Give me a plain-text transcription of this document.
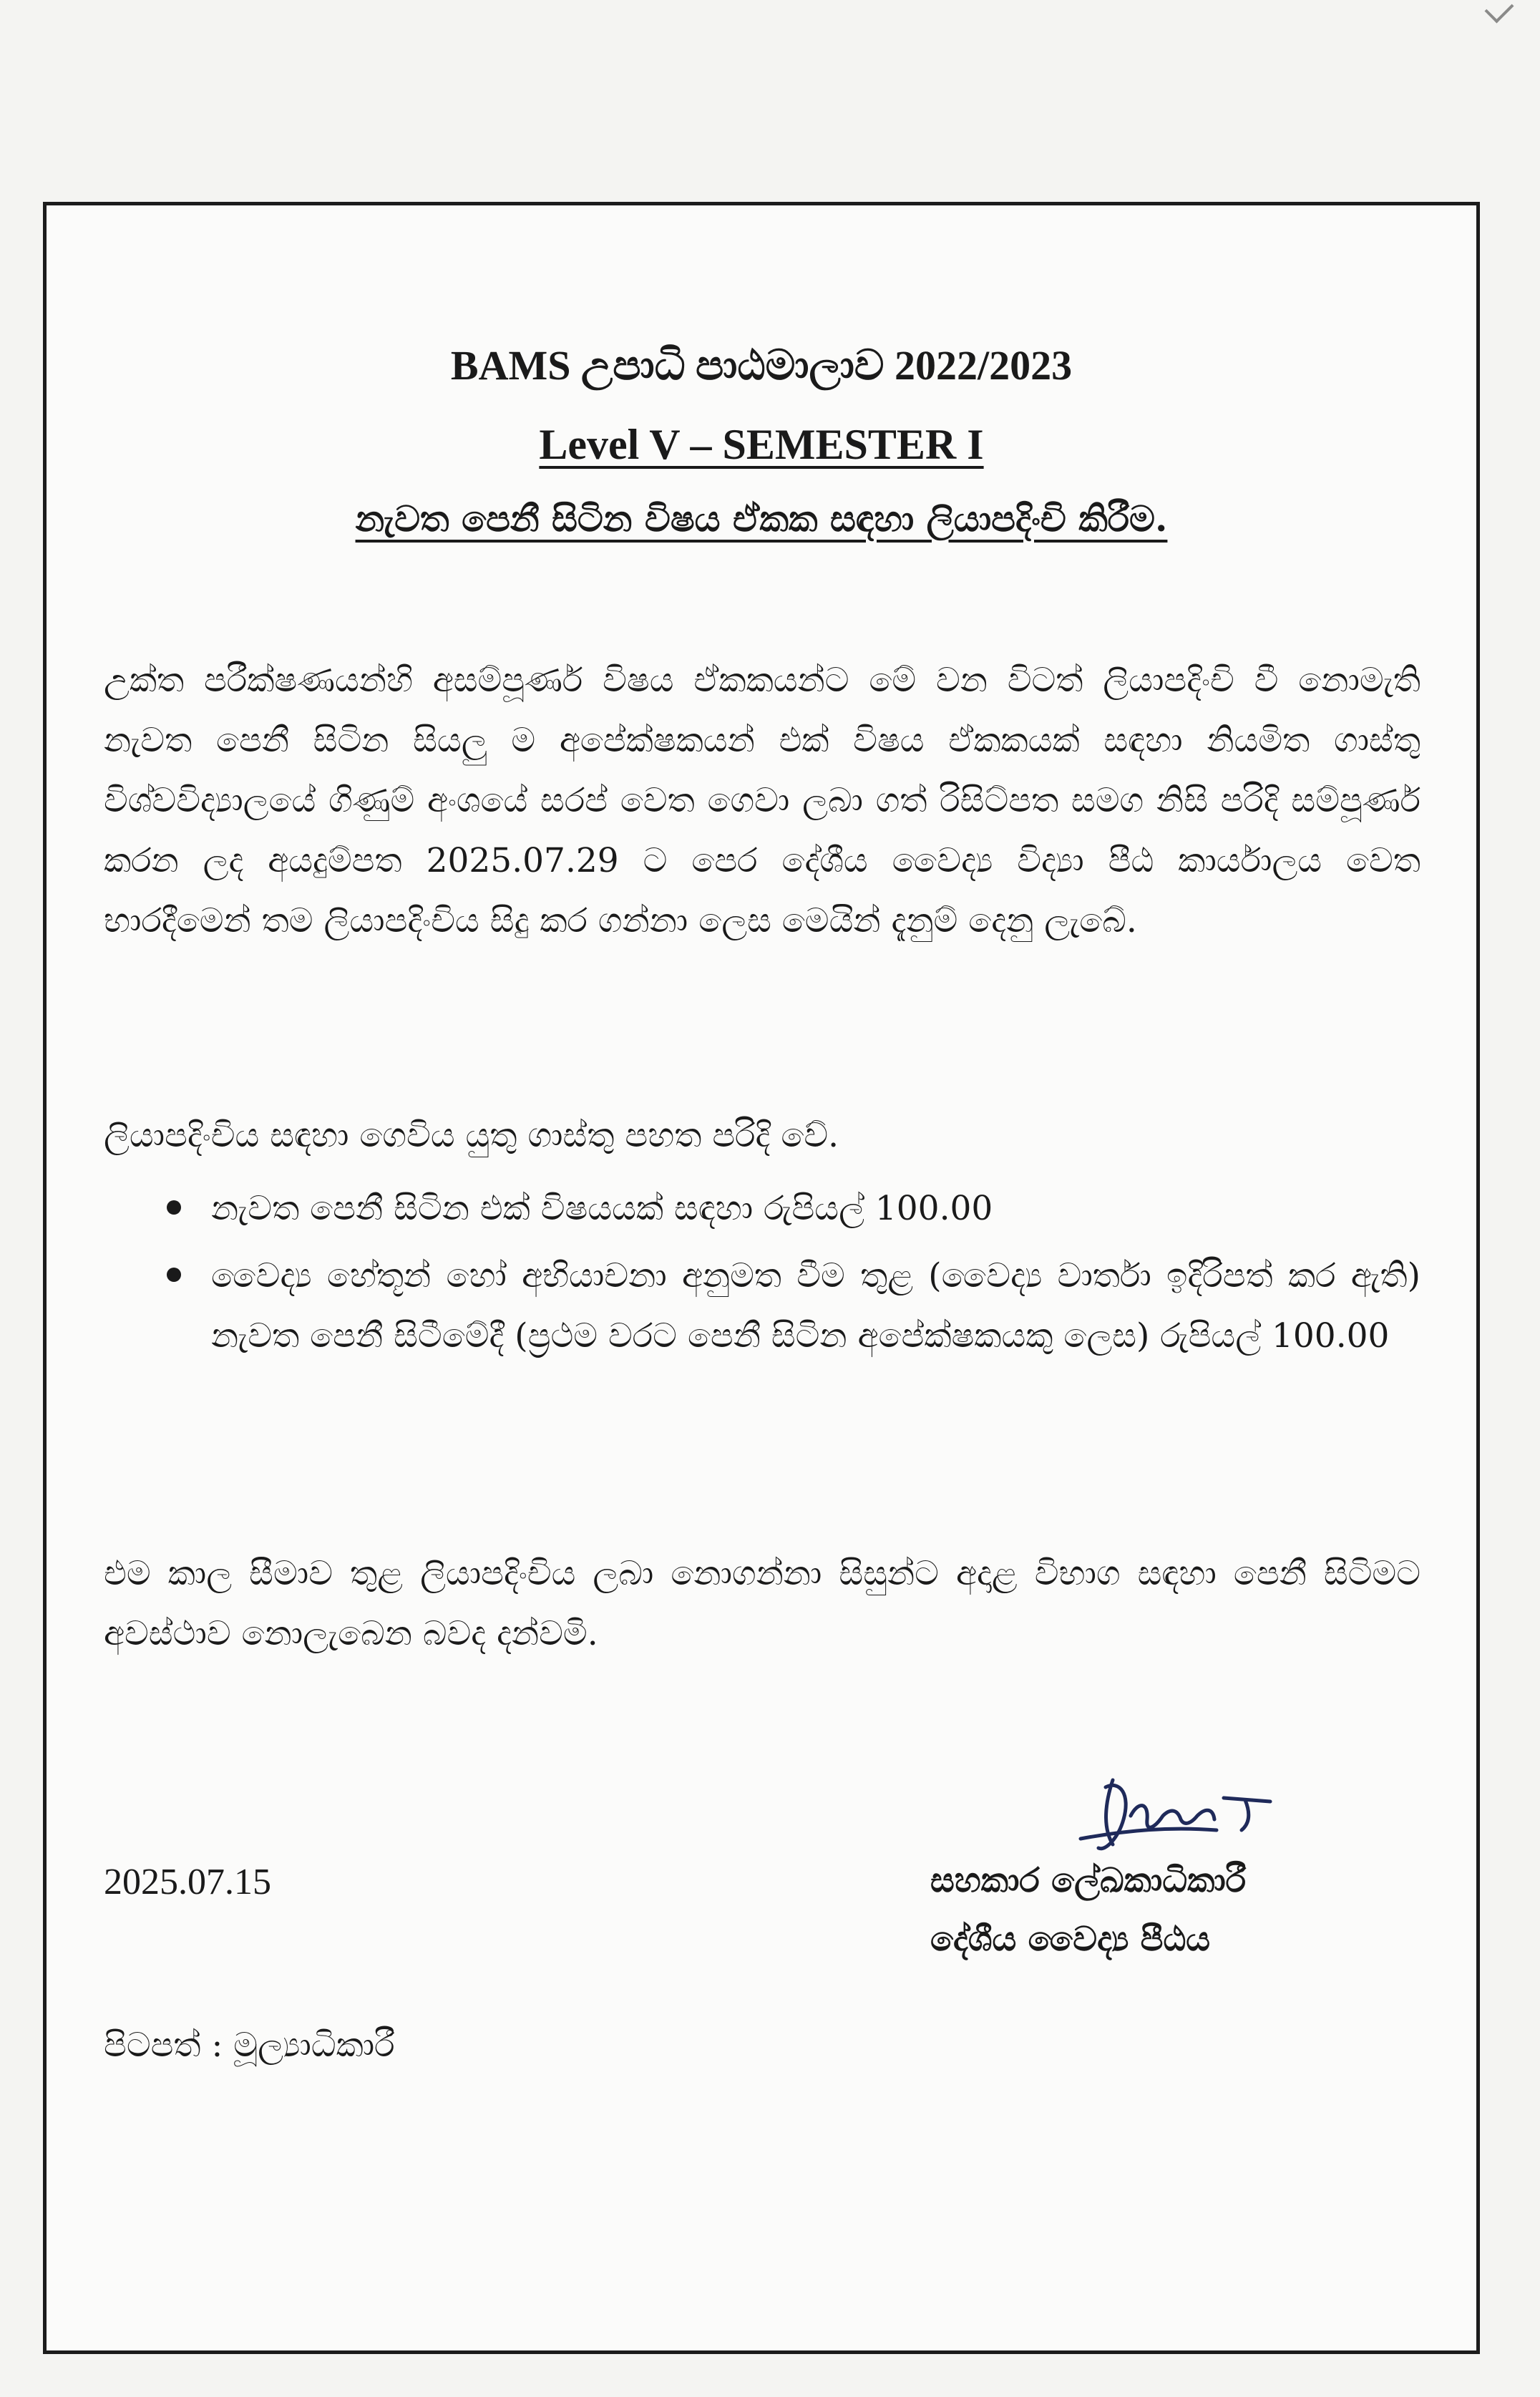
BAMS උපාධි පාඨමාලාව 2022/2023
Level V – SEMESTER I
නැවත පෙනී සිටින විෂය ඒකක සඳහා ලියාපදිංචි කිරීම.
උක්ත පරීක්ෂණයන්හි අසම්පූර්ණ විෂය ඒකකයන්ට මේ වන විටත් ලියාපදිංචි වී නොමැති නැවත පෙනී සිටින සියලු ම අපේක්ෂකයන් එක් විෂය ඒකකයක් සඳහා නියමිත ගාස්තු විශ්වවිද්‍යාලයේ ගිණුම් අංශයේ සරප් වෙත ගෙවා ලබා ගත් රිසිට්පත සමග නිසි පරිදි සම්පූර්ණ කරන ලද අයදුම්පත 2025.07.29 ට පෙර දේශීය වෛද්‍ය විද්‍යා පීඨ කාර්යාලය වෙත භාරදීමෙන් තම ලියාපදිංචිය සිදු කර ගන්නා ලෙස මෙයින් දැනුම් දෙනු ලැබේ.
ලියාපදිංචිය සඳහා ගෙවිය යුතු ගාස්තු පහත පරිදි වේ.
නැවත පෙනී සිටින එක් විෂයයක් සඳහා රුපියල් 100.00
වෛද්‍ය හේතූන් හෝ අභියාචනා අනුමත වීම තුළ (වෛද්‍ය වාර්තා ඉදිරිපත් කර ඇති) නැවත පෙනී සිටීමේදී (ප්‍රථම වරට පෙනී සිටින අපේක්ෂකයකු ලෙස) රුපියල් 100.00
එම කාල සීමාව තුළ ලියාපදිංචිය ලබා නොගන්නා සිසුන්ට අදාළ විභාග සඳහා පෙනී සිටිමට අවස්ථාව නොලැබෙන බවද දන්වමි.
2025.07.15	සහකාර ලේඛකාධිකාරී
දේශීය වෛද්‍ය පීඨය
පිටපත් : මූල්‍යාධිකාරී
